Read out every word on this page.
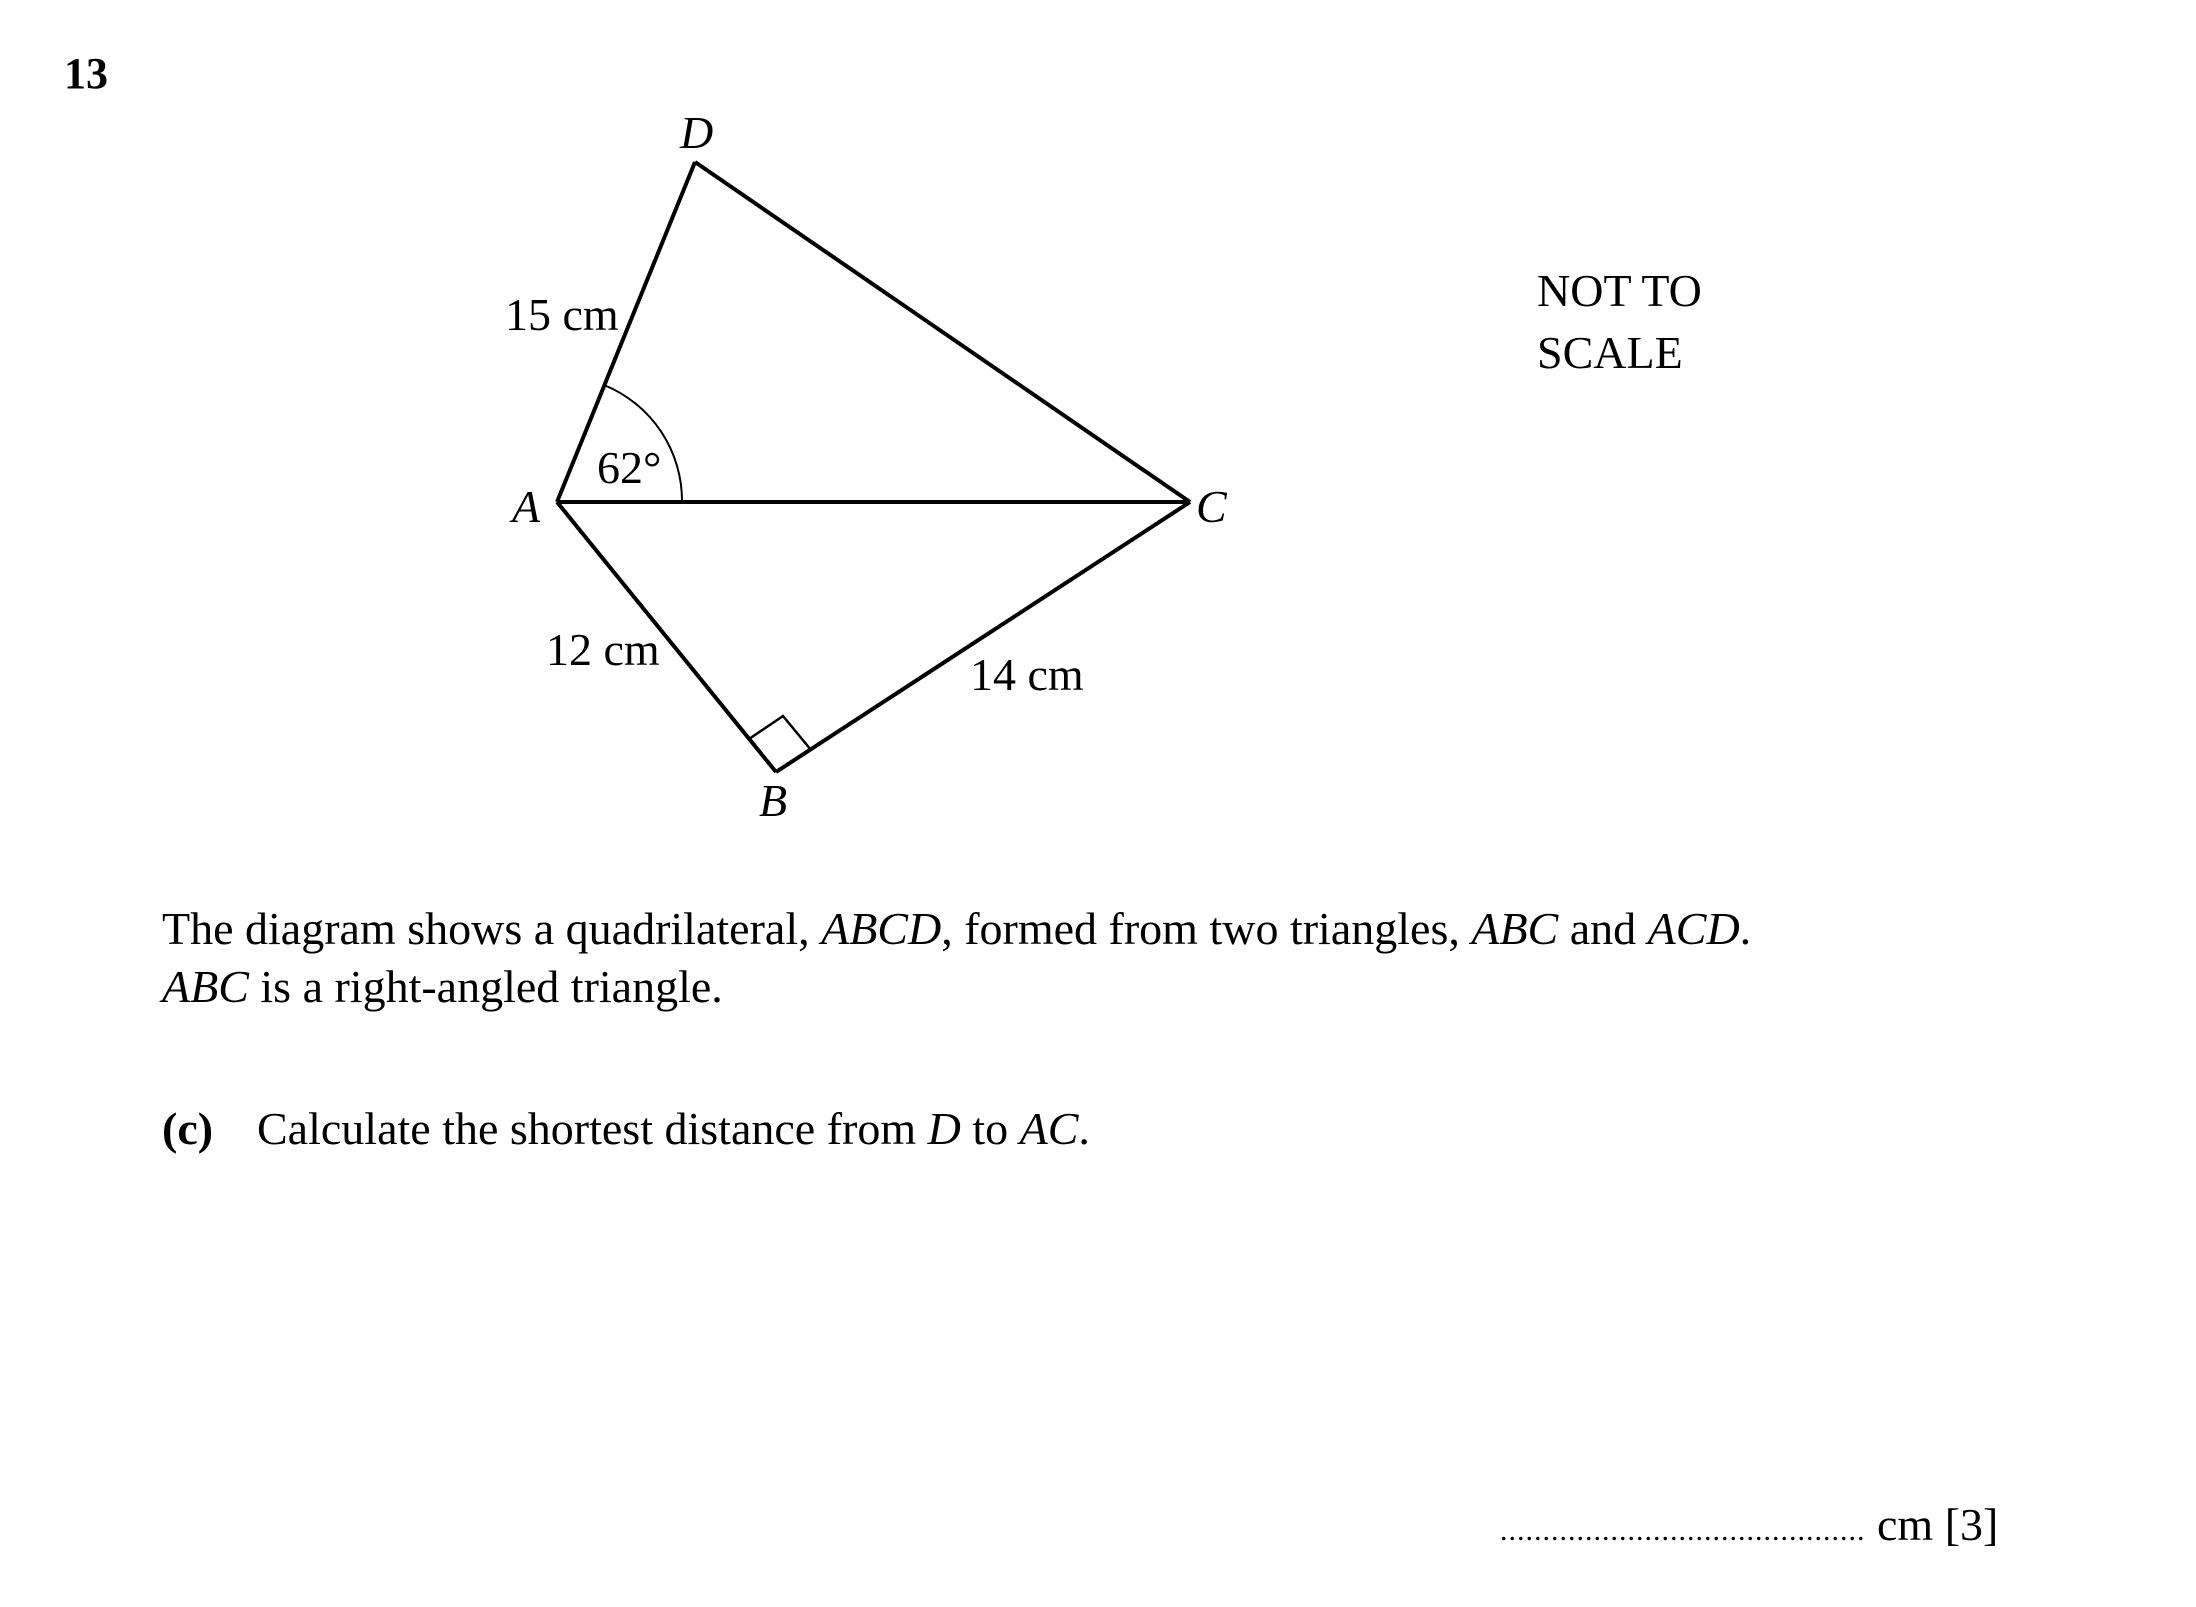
13
D
A	C
B
15 cm
12 cm	14 cm
62°
NOT TO
SCALE
The diagram shows a quadrilateral, ABCD, formed from two triangles, ABC and ACD.
ABC is a right-angled triangle.
(c) Calculate the shortest distance from D to AC.
........................................... cm [3]
